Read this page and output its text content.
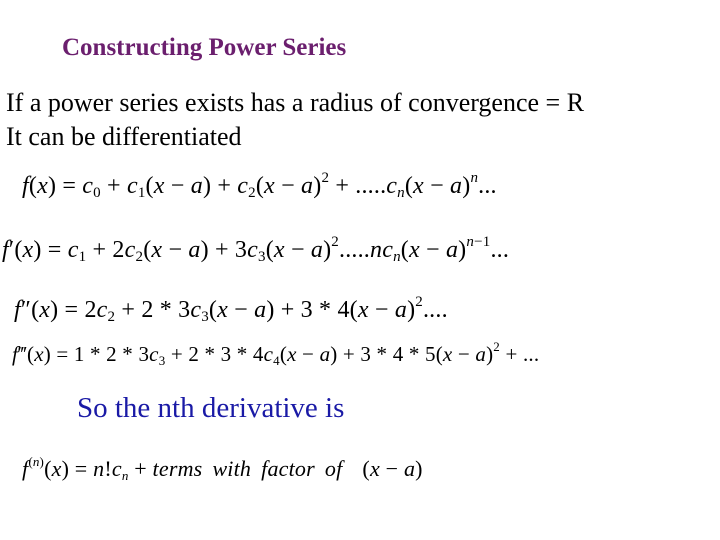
Constructing Power Series
If a power series exists has a radius of convergence = R
It can be differentiated
$f(x) = c_0 + c_1(x - a) + c_2(x - a)^2 + .....c_n(x - a)^n$...
$f'(x) = c_1 + 2c_2(x - a) + 3c_3(x - a)^2.....nc_n(x - a)^{n-1}$...
$f''(x) = 2c_2 + 2 * 3c_3(x - a) + 3 * 4(x - a)^2$....
f‴(x) = $1 * 2 * 3c_3 + 2 * 3 * 4c_4(x - a) + 3 * 4 * 5(x - a)^2$ + ...
So the nth derivative is
$f^{(n)}(x) = n!c_n$ + terms with factor of (x − a)
